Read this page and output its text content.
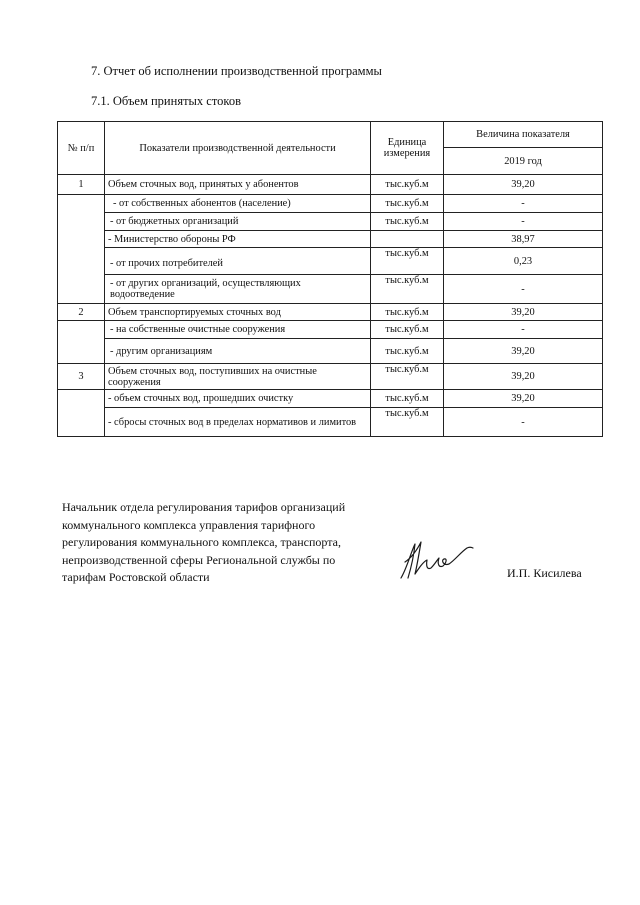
7. Отчет об исполнении производственной программы
7.1. Объем принятых стоков
№ п/п	Показатели производственной деятельности	Единица измерения	Величина показателя
			2019 год
1	Объем сточных вод, принятых у абонентов	тыс.куб.м	39,20
	- от собственных абонентов (население)	тыс.куб.м	-
	- от бюджетных организаций	тыс.куб.м	-
	- Министерство обороны РФ		38,97
	- от прочих потребителей	тыс.куб.м	0,23
	- от других организаций, осуществляющих водоотведение	тыс.куб.м	-
2	Объем транспортируемых сточных вод	тыс.куб.м	39,20
	- на собственные очистные сооружения	тыс.куб.м	-
	- другим организациям	тыс.куб.м	39,20
3	Объем сточных вод, поступивших на очистные сооружения	тыс.куб.м	39,20
	- объем сточных вод, прошедших очистку	тыс.куб.м	39,20
	- сбросы сточных вод в пределах нормативов и лимитов	тыс.куб.м	-
Начальник отдела регулирования тарифов организаций коммунального комплекса управления тарифного регулирования коммунального комплекса, транспорта, непроизводственной сферы Региональной службы по тарифам Ростовской области	И.П. Кисилева
